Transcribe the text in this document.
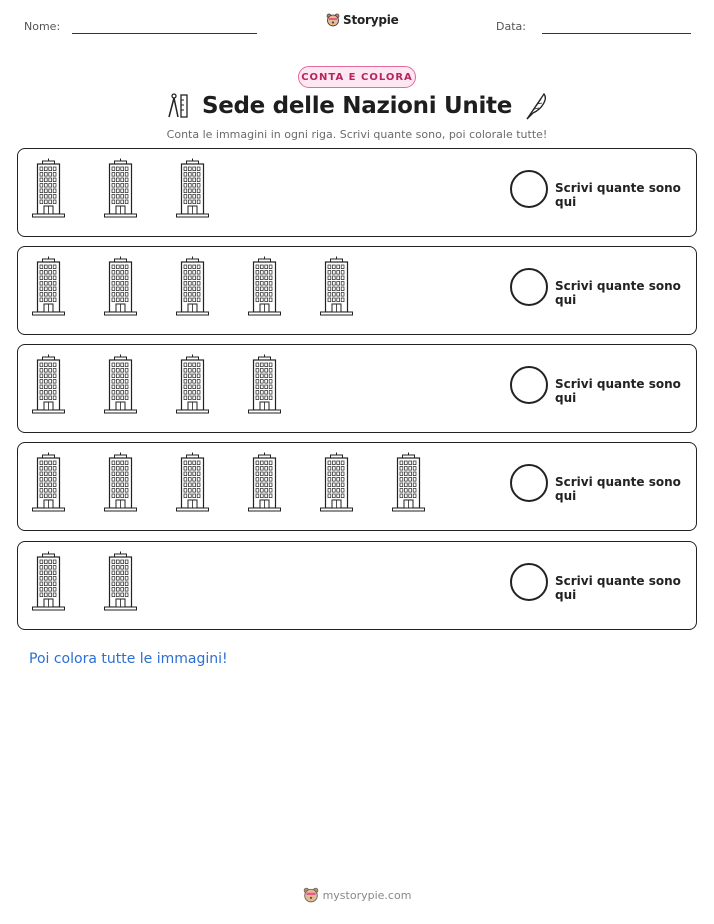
Nome:	Storypie	Data:
CONTA E COLORA
Sede delle Nazioni Unite
Conta le immagini in ogni riga. Scrivi quante sono, poi colorale tutte!
Scrivi quante sono qui
Scrivi quante sono qui
Scrivi quante sono qui
Scrivi quante sono qui
Scrivi quante sono qui
Poi colora tutte le immagini!
mystorypie.com
